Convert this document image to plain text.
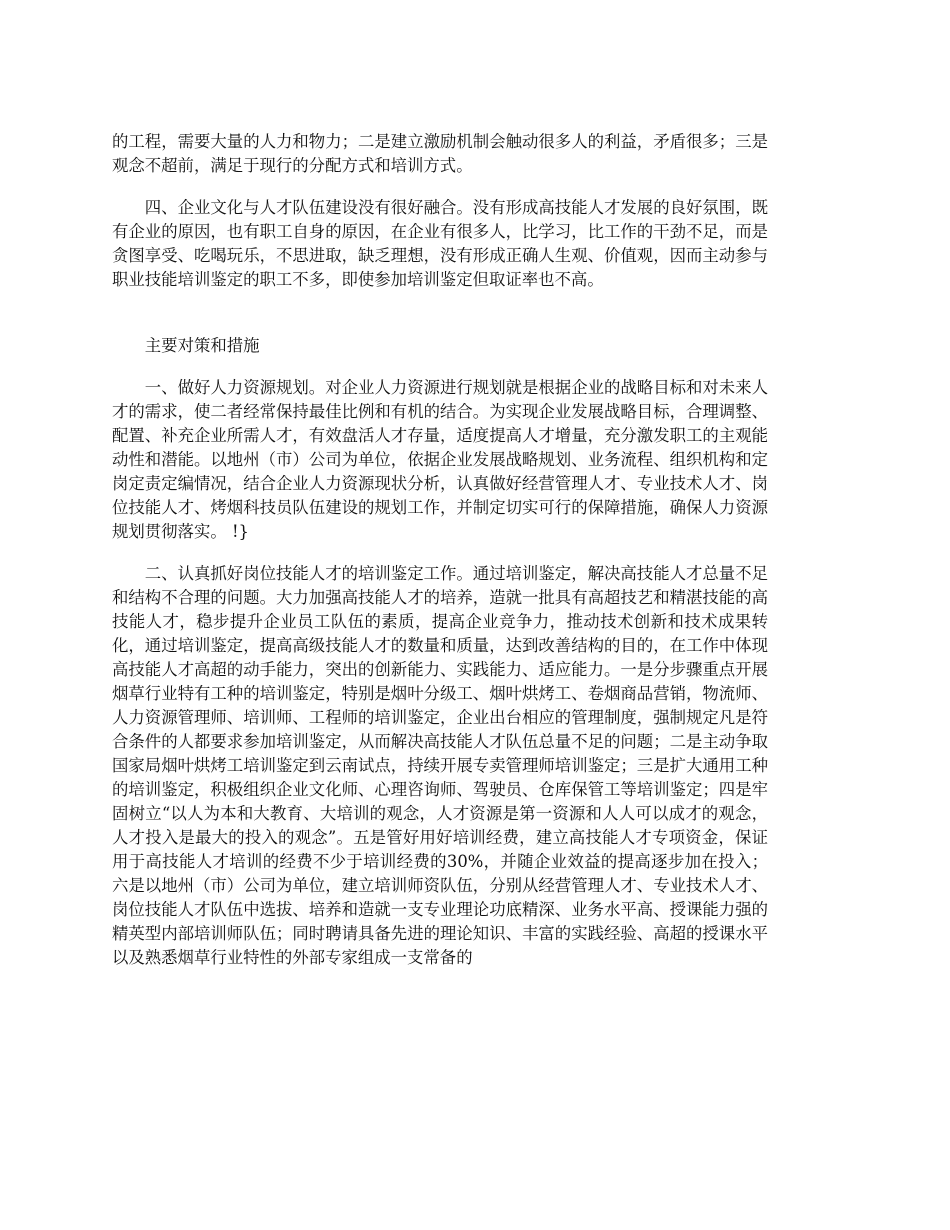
的工程，需要大量的人力和物力；二是建立激励机制会触动很多人的利益，矛盾很多；三是观念不超前，满足于现行的分配方式和培训方式。

四、企业文化与人才队伍建设没有很好融合。没有形成高技能人才发展的良好氛围，既有企业的原因，也有职工自身的原因，在企业有很多人，比学习，比工作的干劲不足，而是贪图享受、吃喝玩乐，不思进取，缺乏理想，没有形成正确人生观、价值观，因而主动参与职业技能培训鉴定的职工不多，即使参加培训鉴定但取证率也不高。

主要对策和措施

一、做好人力资源规划。对企业人力资源进行规划就是根据企业的战略目标和对未来人才的需求，使二者经常保持最佳比例和有机的结合。为实现企业发展战略目标，合理调整、配置、补充企业所需人才，有效盘活人才存量，适度提高人才增量，充分激发职工的主观能动性和潜能。以地州（市）公司为单位，依据企业发展战略规划、业务流程、组织机构和定岗定责定编情况，结合企业人力资源现状分析，认真做好经营管理人才、专业技术人才、岗位技能人才、烤烟科技员队伍建设的规划工作，并制定切实可行的保障措施，确保人力资源规划贯彻落实。 !}

二、认真抓好岗位技能人才的培训鉴定工作。通过培训鉴定，解决高技能人才总量不足和结构不合理的问题。大力加强高技能人才的培养，造就一批具有高超技艺和精湛技能的高技能人才，稳步提升企业员工队伍的素质，提高企业竞争力，推动技术创新和技术成果转化，通过培训鉴定，提高高级技能人才的数量和质量，达到改善结构的目的，在工作中体现高技能人才高超的动手能力，突出的创新能力、实践能力、适应能力。一是分步骤重点开展烟草行业特有工种的培训鉴定，特别是烟叶分级工、烟叶烘烤工、卷烟商品营销，物流师、人力资源管理师、培训师、工程师的培训鉴定，企业出台相应的管理制度，强制规定凡是符合条件的人都要求参加培训鉴定，从而解决高技能人才队伍总量不足的问题；二是主动争取国家局烟叶烘烤工培训鉴定到云南试点，持续开展专卖管理师培训鉴定；三是扩大通用工种的培训鉴定，积极组织企业文化师、心理咨询师、驾驶员、仓库保管工等培训鉴定；四是牢固树立“以人为本和大教育、大培训的观念，人才资源是第一资源和人人可以成才的观念，人才投入是最大的投入的观念”。五是管好用好培训经费，建立高技能人才专项资金，保证用于高技能人才培训的经费不少于培训经费的30%，并随企业效益的提高逐步加在投入；六是以地州（市）公司为单位，建立培训师资队伍，分别从经营管理人才、专业技术人才、岗位技能人才队伍中选拔、培养和造就一支专业理论功底精深、业务水平高、授课能力强的精英型内部培训师队伍；同时聘请具备先进的理论知识、丰富的实践经验、高超的授课水平以及熟悉烟草行业特性的外部专家组成一支常备的
